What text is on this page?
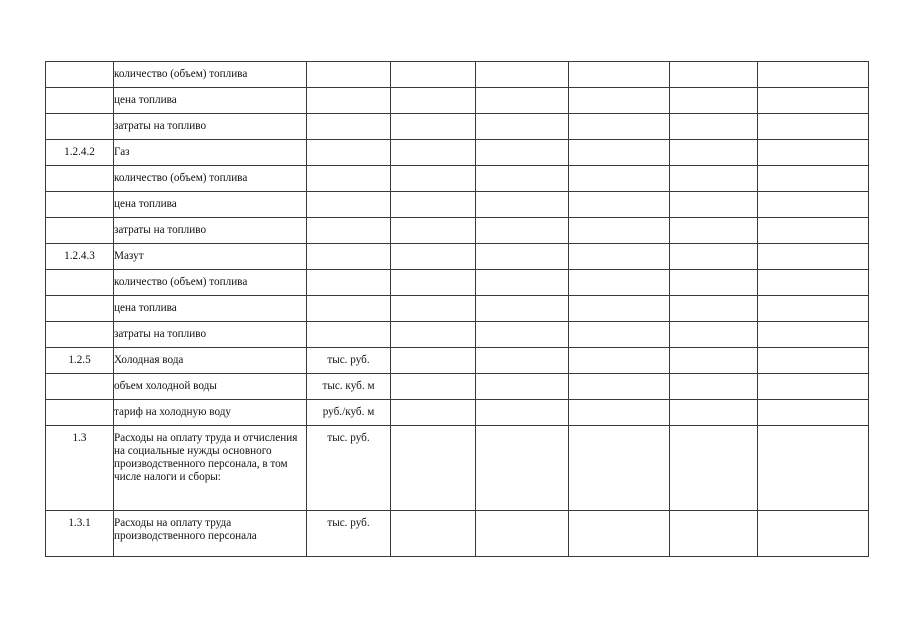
	количество (объем) топлива						
	цена топлива						
	затраты на топливо						
1.2.4.2	Газ						
	количество (объем) топлива						
	цена топлива						
	затраты на топливо						
1.2.4.3	Мазут						
	количество (объем) топлива						
	цена топлива						
	затраты на топливо						
1.2.5	Холодная вода	тыс. руб.					
	объем холодной воды	тыс. куб. м					
	тариф на холодную воду	руб./куб. м					
1.3	Расходы на оплату труда и отчисления на социальные нужды основного производственного персонала, в том числе налоги и сборы:	тыс. руб.					
1.3.1	Расходы на оплату труда производственного персонала	тыс. руб.					
